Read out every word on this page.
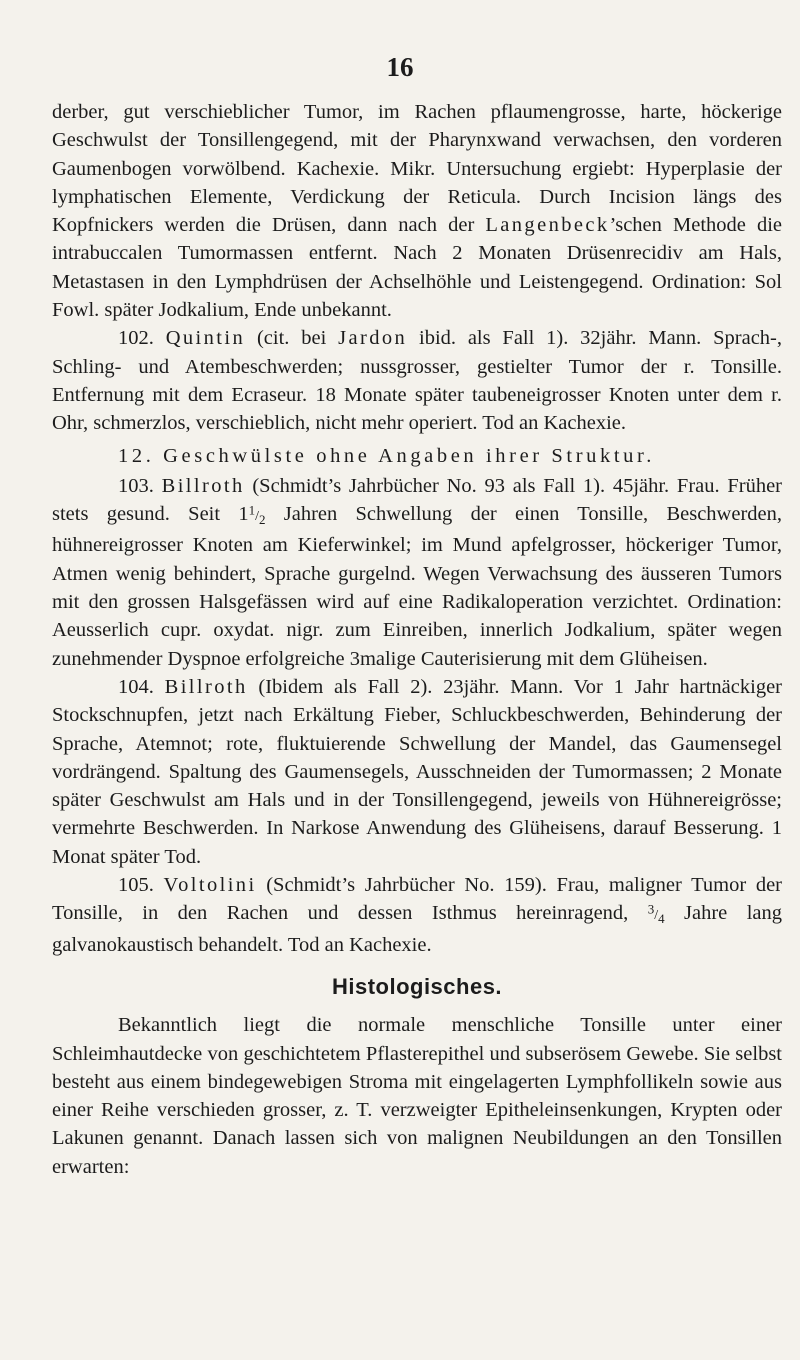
16

derber, gut verschieblicher Tumor, im Rachen pflaumengrosse, harte, höckerige Geschwulst der Tonsillengegend, mit der Pharynxwand verwachsen, den vorderen Gaumenbogen vorwölbend. Kachexie. Mikr. Untersuchung ergiebt: Hyperplasie der lymphatischen Elemente, Verdickung der Reticula. Durch Incision längs des Kopfnickers werden die Drüsen, dann nach der Langenbeck’schen Methode die intrabuccalen Tumormassen entfernt. Nach 2 Monaten Drüsenrecidiv am Hals, Metastasen in den Lymphdrüsen der Achselhöhle und Leistengegend. Ordination: Sol Fowl. später Jodkalium, Ende unbekannt.

102. Quintin (cit. bei Jardon ibid. als Fall 1). 32jähr. Mann. Sprach-, Schling- und Atembeschwerden; nussgrosser, gestielter Tumor der r. Tonsille. Entfernung mit dem Ecraseur. 18 Monate später taubeneigrosser Knoten unter dem r. Ohr, schmerzlos, verschieblich, nicht mehr operiert. Tod an Kachexie.

12. Geschwülste ohne Angaben ihrer Struktur.

103. Billroth (Schmidt’s Jahrbücher No. 93 als Fall 1). 45jähr. Frau. Früher stets gesund. Seit $1^1/_2$ Jahren Schwellung der einen Tonsille, Beschwerden, hühnereigrosser Knoten am Kieferwinkel; im Mund apfelgrosser, höckeriger Tumor, Atmen wenig behindert, Sprache gurgelnd. Wegen Verwachsung des äusseren Tumors mit den grossen Halsgefässen wird auf eine Radikaloperation verzichtet. Ordination: Aeusserlich cupr. oxydat. nigr. zum Einreiben, innerlich Jodkalium, später wegen zunehmender Dyspnoe erfolgreiche 3malige Cauterisierung mit dem Glüheisen.

104. Billroth (Ibidem als Fall 2). 23jähr. Mann. Vor 1 Jahr hartnäckiger Stockschnupfen, jetzt nach Erkältung Fieber, Schluckbeschwerden, Behinderung der Sprache, Atemnot; rote, fluktuierende Schwellung der Mandel, das Gaumensegel vordrängend. Spaltung des Gaumensegels, Ausschneiden der Tumormassen; 2 Monate später Geschwulst am Hals und in der Tonsillengegend, jeweils von Hühnereigrösse; vermehrte Beschwerden. In Narkose Anwendung des Glüheisens, darauf Besserung. 1 Monat später Tod.

105. Voltolini (Schmidt’s Jahrbücher No. 159). Frau, maligner Tumor der Tonsille, in den Rachen und dessen Isthmus hereinragend, $^3/_4$ Jahre lang galvanokaustisch behandelt. Tod an Kachexie.

Histologisches.

Bekanntlich liegt die normale menschliche Tonsille unter einer Schleimhautdecke von geschichtetem Pflasterepithel und subserösem Gewebe. Sie selbst besteht aus einem bindegewebigen Stroma mit eingelagerten Lymphfollikeln sowie aus einer Reihe verschieden grosser, z. T. verzweigter Epitheleinsenkungen, Krypten oder Lakunen genannt. Danach lassen sich von malignen Neubildungen an den Tonsillen erwarten:
